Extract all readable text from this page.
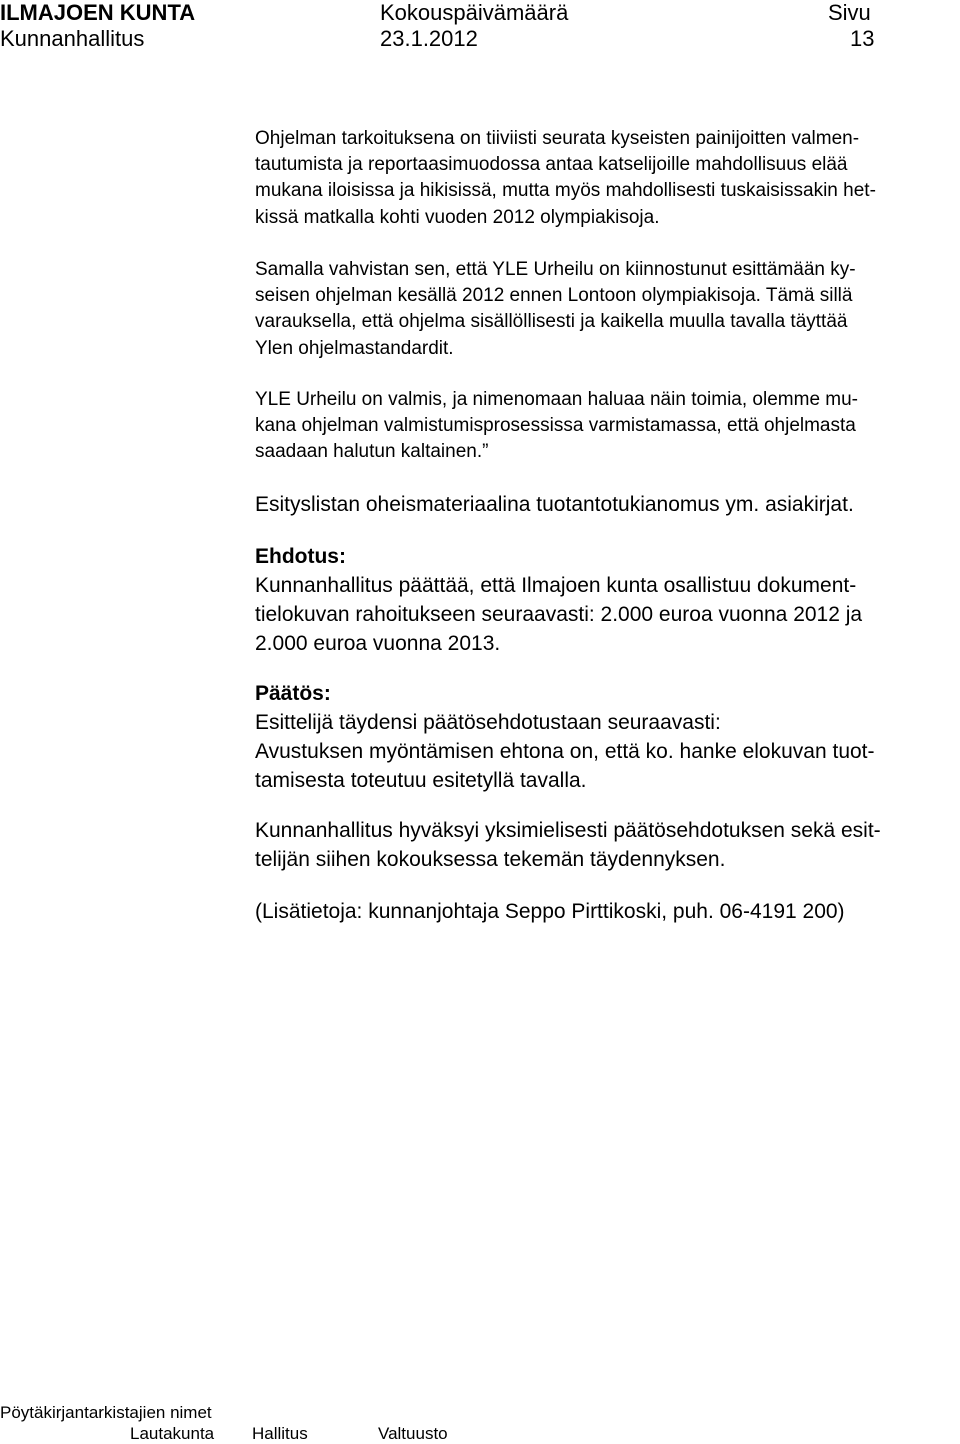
ILMAJOEN KUNTA
Kunnanhallitus
Kokouspäivämäärä
23.1.2012
Sivu
13
Ohjelman tarkoituksena on tiiviisti seurata kyseisten painijoitten valmen-
tautumista ja reportaasimuodossa antaa katselijoille mahdollisuus elää
mukana iloisissa ja hikisissä, mutta myös mahdollisesti tuskaisissakin het-
kissä matkalla kohti vuoden 2012 olympiakisoja.
Samalla vahvistan sen, että YLE Urheilu on kiinnostunut esittämään ky-
seisen ohjelman kesällä 2012 ennen Lontoon olympiakisoja. Tämä sillä
varauksella, että ohjelma sisällöllisesti ja kaikella muulla tavalla täyttää
Ylen ohjelmastandardit.
YLE Urheilu on valmis, ja nimenomaan haluaa näin toimia, olemme mu-
kana ohjelman valmistumisprosessissa varmistamassa, että ohjelmasta
saadaan halutun kaltainen.”
Esityslistan oheismateriaalina tuotantotukianomus ym. asiakirjat.
Ehdotus:
Kunnanhallitus päättää, että Ilmajoen kunta osallistuu dokument-
tielokuvan rahoitukseen seuraavasti: 2.000 euroa vuonna 2012 ja
2.000 euroa vuonna 2013.
Päätös:
Esittelijä täydensi päätösehdotustaan seuraavasti:
Avustuksen myöntämisen ehtona on, että ko. hanke elokuvan tuot-
tamisesta toteutuu esitetyllä tavalla.
Kunnanhallitus hyväksyi yksimielisesti päätösehdotuksen sekä esit-
telijän siihen kokouksessa tekemän täydennyksen.
(Lisätietoja: kunnanjohtaja Seppo Pirttikoski, puh. 06-4191 200)
Pöytäkirjantarkistajien nimet
Lautakunta Hallitus	Valtuusto
